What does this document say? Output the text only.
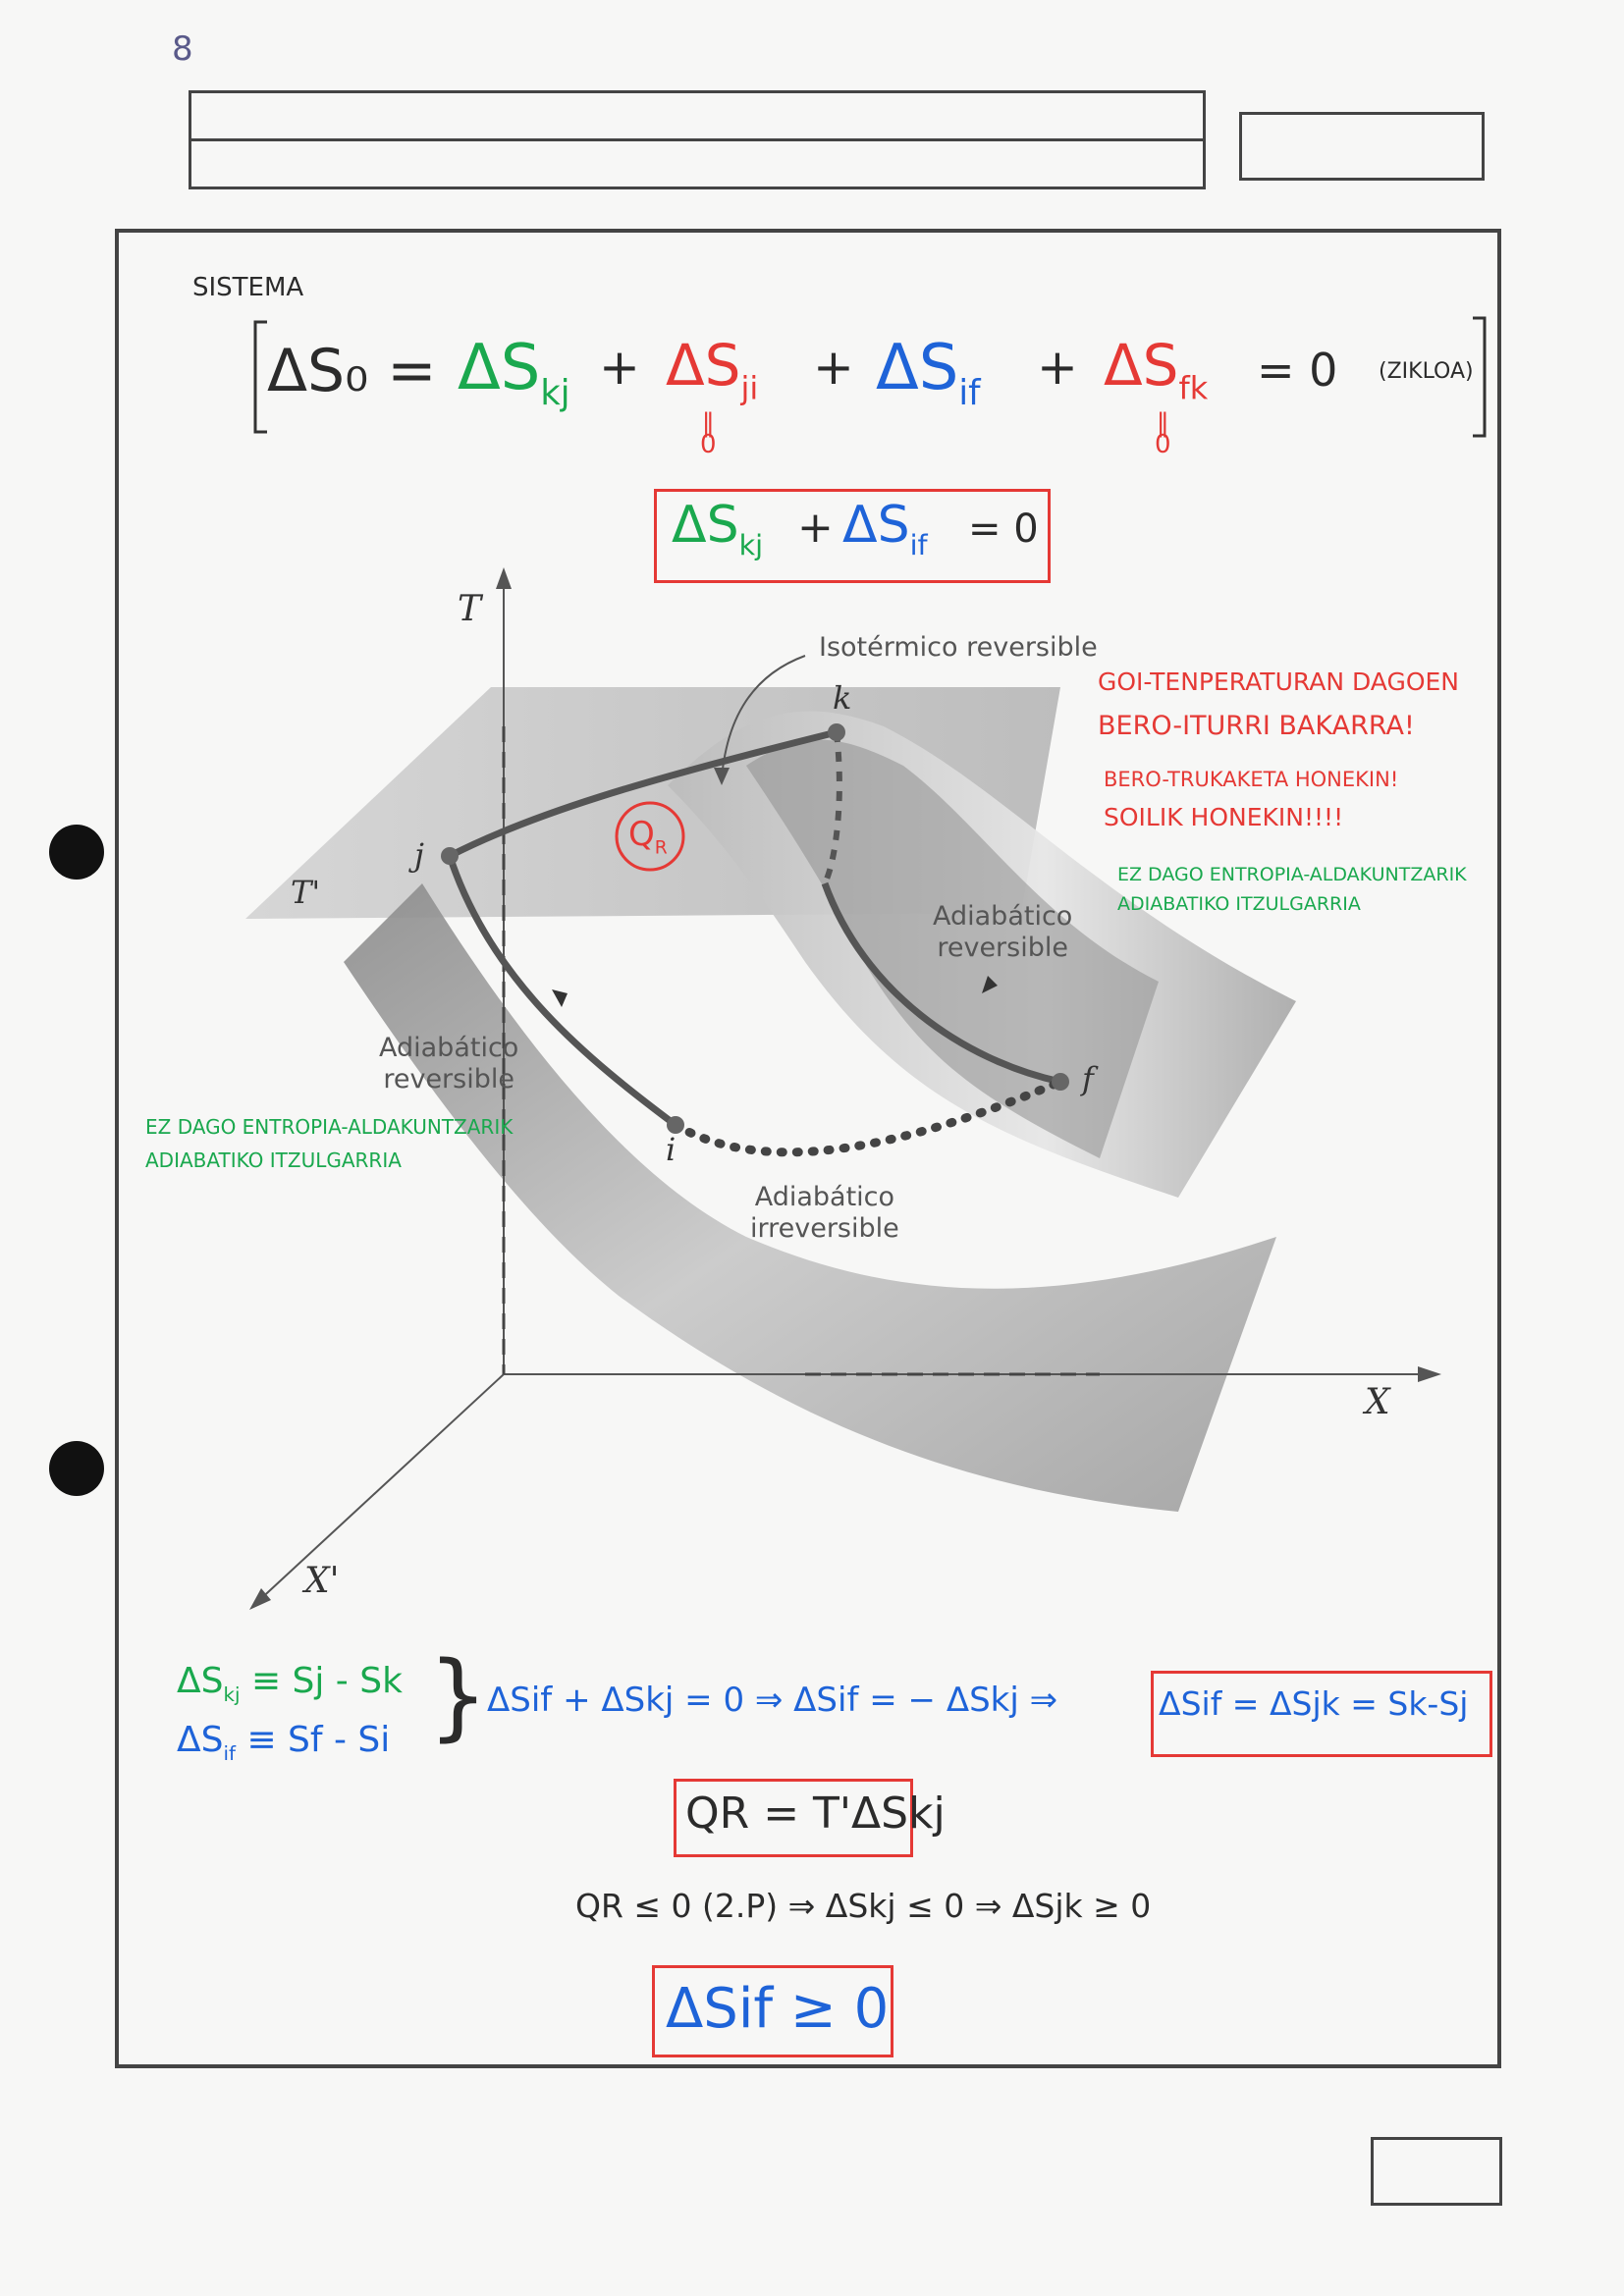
8
SISTEMA
$\Delta S_0 = \Delta S_{kj} + \Delta S_{ji} + \Delta S_{if} + \Delta S_{fk} = 0$ (ZIKLOA)
‖
0
‖
0
$\Delta S_{kj} + \Delta S_{if} = 0$
T
X
X'
T'
k
j
i
f
$Q_R$
Isotérmico reversible
Adiabático
reversible
Adiabático
reversible
Adiabático
irreversible
GOI-TENPERATURAN DAGOEN
BERO-ITURRI BAKARRA!
BERO-TRUKAKETA HONEKIN!
SOILIK HONEKIN!!!!
EZ DAGO ENTROPIA-ALDAKUNTZARIK
ADIABATIKO ITZULGARRIA
EZ DAGO ENTROPIA-ALDAKUNTZARIK
ADIABATIKO ITZULGARRIA
$\Delta S_{kj} \equiv Sj - Sk$
$\Delta S_{if} \equiv Sf - Si$ }
ΔSif + ΔSkj = 0 ⇒ ΔSif = − ΔSkj ⇒	ΔSif = ΔSjk = Sk-Sj
QR = T'ΔSkj
QR ≤ 0 (2.P) ⇒ ΔSkj ≤ 0 ⇒ ΔSjk ≥ 0
ΔSif ≥ 0
